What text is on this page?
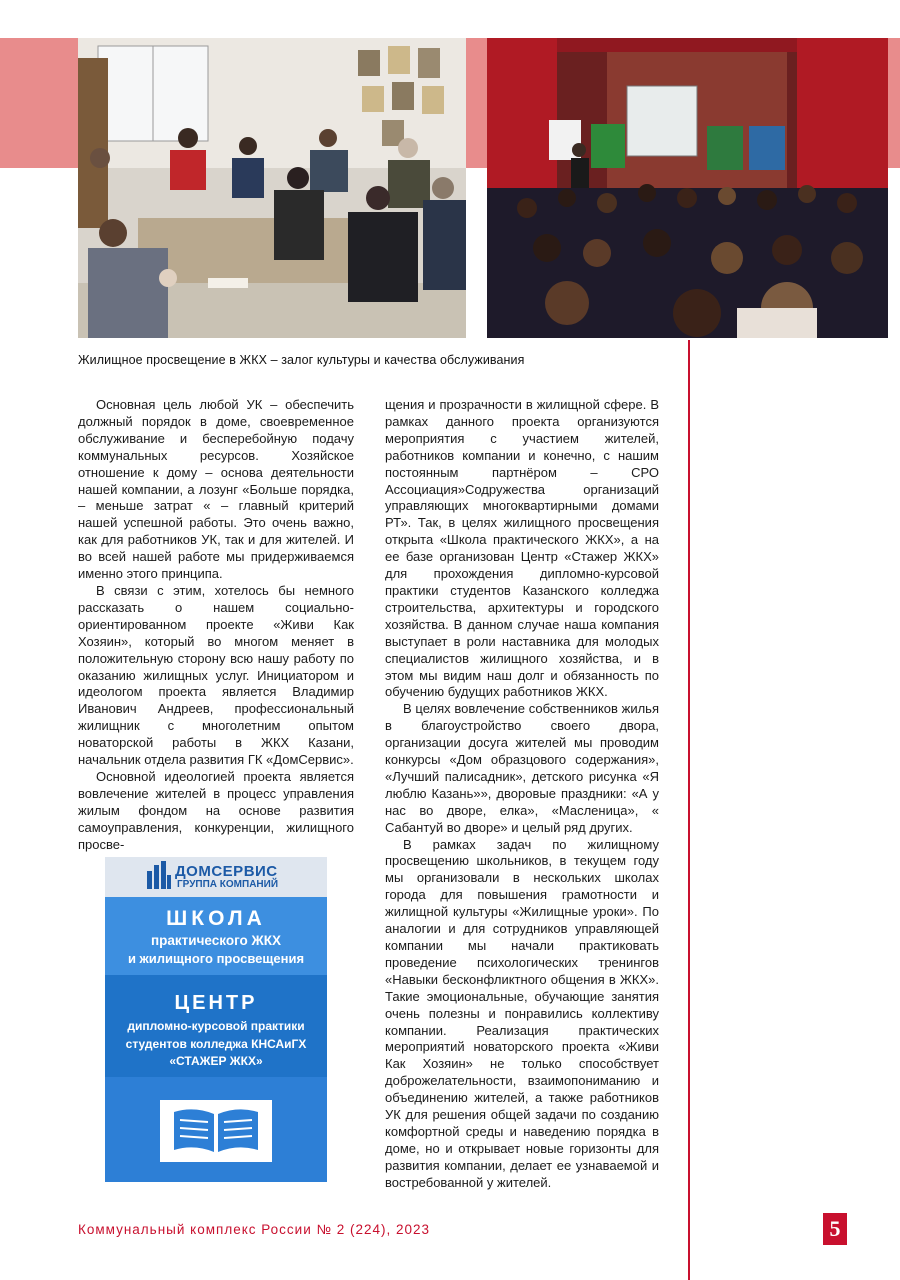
Жилищное просвещение в ЖКХ – залог культуры и качества обслуживания

Основная цель любой УК – обеспечить должный порядок в доме, своевременное обслуживание и бесперебойную подачу коммунальных ресурсов. Хозяйское отношение к дому – основа деятельности нашей компании, а лозунг «Больше порядка, – меньше затрат « – главный критерий нашей успешной работы. Это очень важно, как для работников УК, так и для жителей. И во всей нашей работе мы придерживаемся именно этого принципа.

В связи с этим, хотелось бы немного рассказать о нашем социально-ориентированном проекте «Живи Как Хозяин», который во многом меняет в положительную сторону всю нашу работу по оказанию жилищных услуг. Инициатором и идеологом проекта является Владимир Иванович Андреев, профессиональный жилищник с многолетним опытом новаторской работы в ЖКХ Казани, начальник отдела развития ГК «ДомСервис».

Основной идеологией проекта является вовлечение жителей в процесс управления жилым фондом на основе развития самоуправления, конкуренции, жилищного просве-

щения и прозрачности в жилищной сфере. В рамках данного проекта организуются мероприятия с участием жителей, работников компании и конечно, с нашим постоянным партнёром – СРО Ассоциация»Содружества организаций управляющих многоквартирными домами РТ». Так, в целях жилищного просвещения открыта «Школа практического ЖКХ», а на ее базе организован Центр «Стажер ЖКХ» для прохождения дипломно-курсовой практики студентов Казанского колледжа строительства, архитектуры и городского хозяйства. В данном случае наша компания выступает в роли наставника для молодых специалистов жилищного хозяйства, и в этом мы видим наш долг и обязанность по обучению будущих работников ЖКХ.

В целях вовлечение собственников жилья в благоустройство своего двора, организации досуга жителей мы проводим конкурсы «Дом образцового содержания», «Лучший палисадник», детского рисунка «Я люблю Казань»», дворовые праздники: «А у нас во дворе, елка», «Масленица», « Сабантуй во дворе» и целый ряд других.

В рамках задач по жилищному просвещению школьников, в текущем году мы организовали в нескольких школах города для повышения грамотности и жилищной культуры «Жилищные уроки». По аналогии и для сотрудников управляющей компании мы начали практиковать проведение психологических тренингов «Навыки бесконфликтного общения в ЖКХ». Такие эмоциональные, обучающие занятия очень полезны и понравились коллективу компании. Реализация практических мероприятий новаторского проекта «Живи Как Хозяин» не только способствует доброжелательности, взаимопониманию и объединению жителей, а также работников УК для решения общей задачи по созданию комфортной среды и наведению порядка в доме, но и открывает новые горизонты для развития компании, делает ее узнаваемой и востребованной у жителей.

ДОМСЕРВИС
ГРУППА КОМПАНИЙ
ШКОЛА
практического ЖКХ
и жилищного просвещения
ЦЕНТР
дипломно-курсовой практики
студентов колледжа КНСАиГХ
«СТАЖЕР ЖКХ»
Коммунальный комплекс России № 2 (224), 2023	5
